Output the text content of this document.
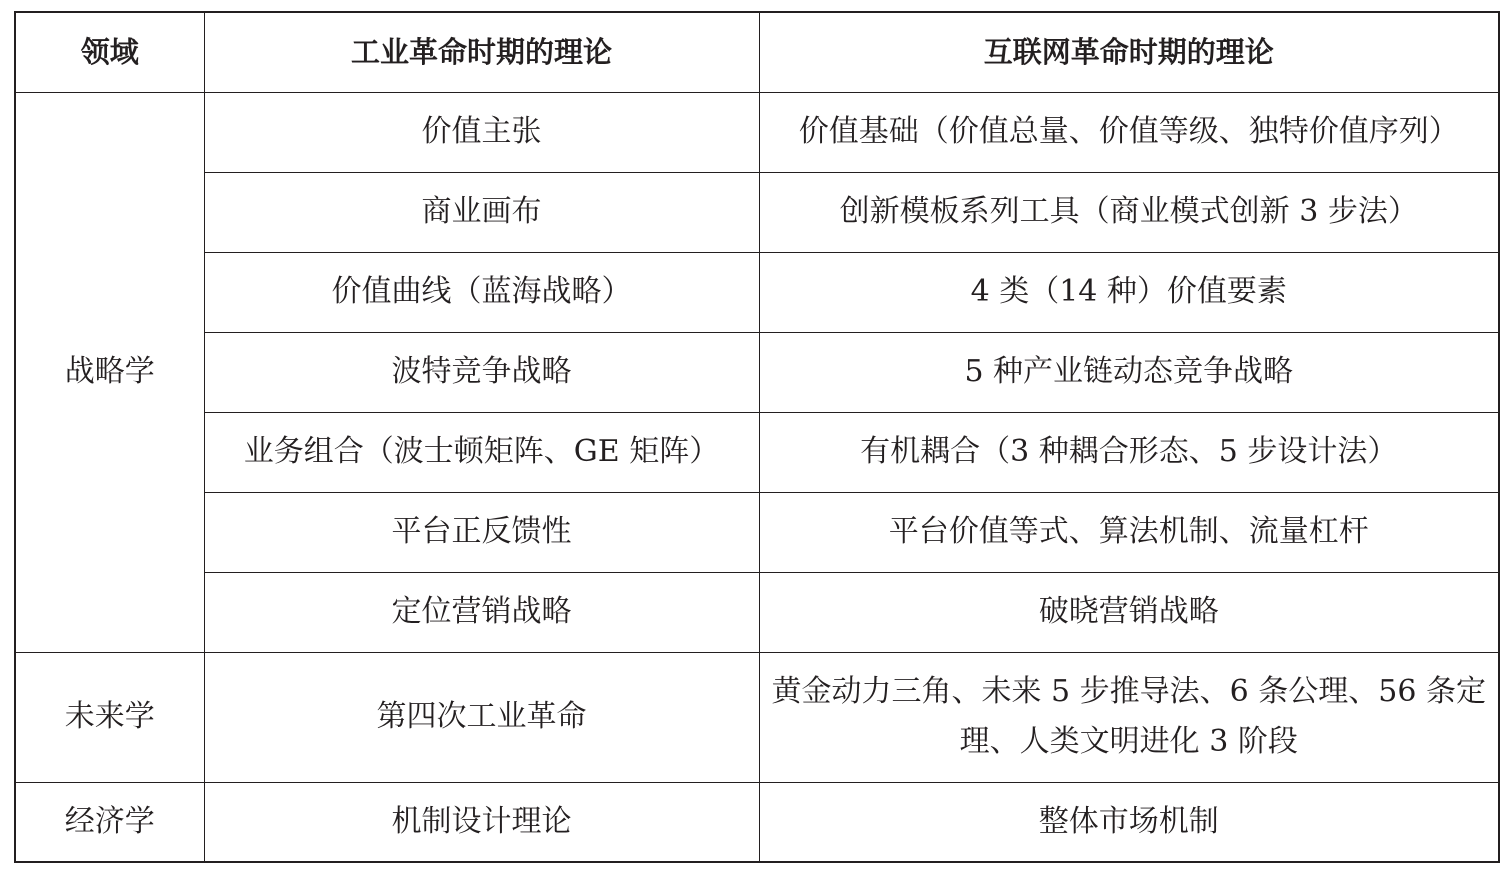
领域	工业革命时期的理论	互联网革命时期的理论
战略学	价值主张	价值基础（价值总量、价值等级、独特价值序列）
	商业画布	创新模板系列工具（商业模式创新 3 步法）
	价值曲线（蓝海战略）	4 类（14 种）价值要素
	波特竞争战略	5 种产业链动态竞争战略
	业务组合（波士顿矩阵、GE 矩阵）	有机耦合（3 种耦合形态、5 步设计法）
	平台正反馈性	平台价值等式、算法机制、流量杠杆
	定位营销战略	破晓营销战略
未来学	第四次工业革命	黄金动力三角、未来 5 步推导法、6 条公理、56 条定理、人类文明进化 3 阶段
经济学	机制设计理论	整体市场机制
